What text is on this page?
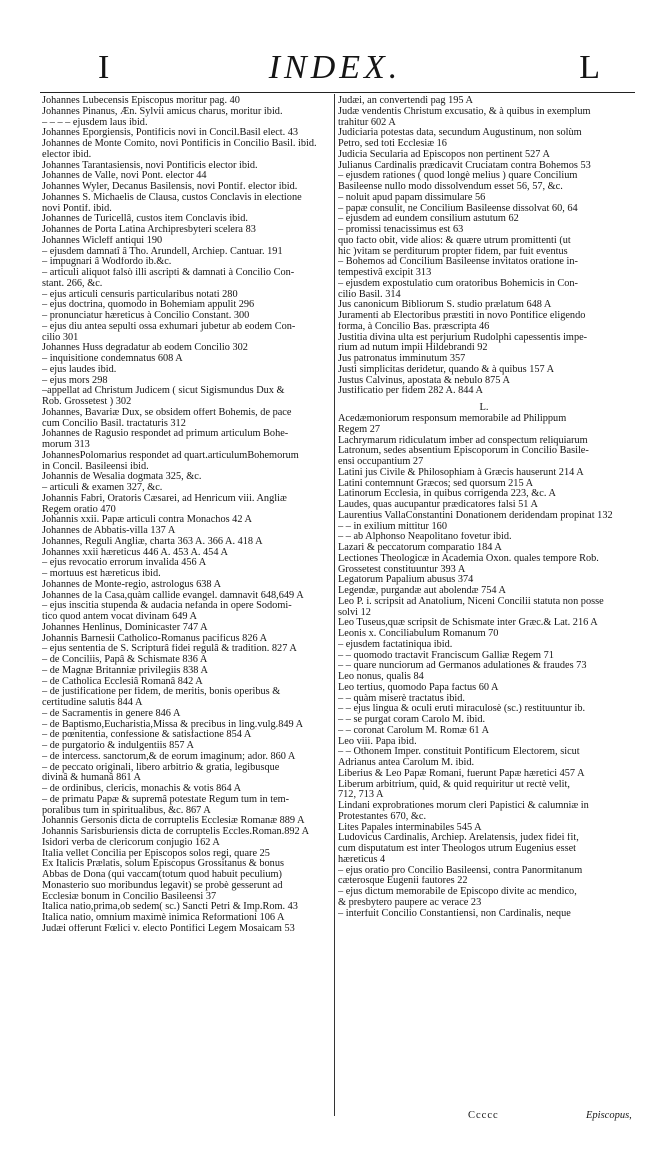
I	INDEX.	L
Johannes Lubecensis Episcopus moritur pag. 40
Johannes Pinanus, Æn. Sylvii amicus charus, moritur ibid.
– – – – ejusdem laus ibid.
Johannes Eporgiensis, Pontificis novi in Concil.Basil elect. 43
Johannes de Monte Comito, novi Pontificis in Concilio Basil. ibid.
elector ibid.
Johannes Tarantasiensis, novi Pontificis elector ibid.
Johannes de Valle, novi Pont. elector 44
Johannes Wyler, Decanus Basilensis, novi Pontif. elector ibid.
Johannes S. Michaelis de Clausa, custos Conclavis in electione
novi Pontif. ibid.
Johannes de Turicellâ, custos item Conclavis ibid.
Johannes de Porta Latina Archipresbyteri scelera 83
Johannes Wicleff antiqui 190
– ejusdem damnatî â Tho. Arundell, Archiep. Cantuar. 191
– impugnari â Wodfordo ib.&c.
– articuli aliquot falsò illi ascripti & damnati à Concilio Con-
stant. 266, &c.
– ejus articuli censuris particularibus notati 280
– ejus doctrina, quomodo in Bohemiam appulit 296
– pronunciatur hæreticus à Concilio Constant. 300
– ejus diu antea sepulti ossa exhumari jubetur ab eodem Con-
cilio 301
Johannes Huss degradatur ab eodem Concilio 302
– inquisitione condemnatus 608 A
– ejus laudes ibid.
– ejus mors 298
–appellat ad Christum Judicem ( sicut Sigismundus Dux &
Rob. Grossetest ) 302
Johannes, Bavariæ Dux, se obsidem offert Bohemis, de pace
cum Concilio Basil. tractaturis 312
Johannes de Ragusio respondet ad primum articulum Bohe-
morum 313
JohannesPolomarius respondet ad quart.articulumBohemorum
in Concil. Basileensi ibid.
Johannis de Wesalia dogmata 325, &c.
– articuli & examen 327, &c.
Johannis Fabri, Oratoris Cæsarei, ad Henricum viii. Angliæ
Regem oratio 470
Johannis xxii. Papæ articuli contra Monachos 42 A
Johannes de Abbatis-villa 137 A
Johannes, Reguli Angliæ, charta 363 A. 366 A. 418 A
Johannes xxii hæreticus 446 A. 453 A. 454 A
– ejus revocatio errorum invalida 456 A
– mortuus est hæreticus ibid.
Johannes de Monte-regio, astrologus 638 A
Johannes de la Casa,quàm callide evangel. damnavit 648,649 A
– ejus inscitia stupenda & audacia nefanda in opere Sodomi-
tico quod antem vocat divinam 649 A
Johannes Henlinus, Dominicaster 747 A
Johannis Barnesii Catholico-Romanus pacificus 826 A
– ejus sententia de S. Scripturâ fidei regulâ & tradition. 827 A
– de Conciliis, Papâ & Schismate 836 A
– de Magnæ Britanniæ privilegiis 838 A
– de Catholica Ecclesiâ Romanâ 842 A
– de justificatione per fidem, de meritis, bonis operibus &
certitudine salutis 844 A
– de Sacramentis in genere 846 A
– de Baptismo,Eucharistia,Missa & precibus in ling.vulg.849 A
– de pœnitentia, confessione & satisfactione 854 A
– de purgatorio & indulgentiis 857 A
– de intercess. sanctorum,& de eorum imaginum; ador. 860 A
– de peccato originali, libero arbitrio & gratia, legibusque
divinâ & humanâ 861 A
– de ordinibus, clericis, monachis & votis 864 A
– de primatu Papæ & supremâ potestate Regum tum in tem-
poralibus tum in spiritualibus, &c. 867 A
Johannis Gersonis dicta de corruptelis Ecclesiæ Romanæ 889 A
Johannis Sarisburiensis dicta de corruptelis Eccles.Roman.892 A
Isidori verba de clericorum conjugio 162 A
Italia vellet Concilia per Episcopos solos regi, quare 25
Ex Italicis Prælatis, solum Episcopus Grossitanus & bonus
Abbas de Dona (qui vaccam(totum quod habuit peculium)
Monasterio suo moribundus legavit) se probè gesserunt ad
Ecclesiæ bonum in Concilio Basileensi 37
Italica natio,prima,ob sedem( sc.) Sancti Petri & Imp.Rom. 43
Italica natio, omnium maximè inimica Reformationi 106 A
Judæi offerunt Fœlici v. electo Pontifici Legem Mosaicam 53
Judæi, an convertendi pag 195 A
Judæ vendentis Christum excusatio, & à quibus in exemplum
trahitur 602 A
Judiciaria potestas data, secundum Augustinum, non solùm
Petro, sed toti Ecclesiæ 16
Judicia Secularia ad Episcopos non pertinent 527 A
Julianus Cardinalis prædicavit Cruciatam contra Bohemos 53
– ejusdem rationes ( quod longè melius ) quare Concilium
Basileense nullo modo dissolvendum esset 56, 57, &c.
– noluit apud papam dissimulare 56
– papæ consulit, ne Concilium Basileense dissolvat 60, 64
– ejusdem ad eundem consilium astutum 62
– promissi tenacissimus est 63
quo facto obit, vide alios: & quære utrum promittenti (ut
hic )vitam se perditurum propter fidem, par fuit eventus
– Bohemos ad Concilium Basileense invitatos oratione in-
tempestivâ excipit 313
– ejusdem expostulatio cum oratoribus Bohemicis in Con-
cilio Basil. 314
Jus canonicum Bibliorum S. studio prælatum 648 A
Juramenti ab Electoribus præstiti in novo Pontifice eligendo
forma, à Concilio Bas. præscripta 46
Justitia divina ulta est perjurium Rudolphi capessentis impe-
rium ad nutum impii Hildebrandi 92
Jus patronatus imminutum 357
Justi simplicitas deridetur, quando & à quibus 157 A
Justus Calvinus, apostata & nebulo 875 A
Justificatio per fidem 282 A. 844 A
L.
Acedæmoniorum responsum memorabile ad Philippum
Regem 27
Lachrymarum ridiculatum imber ad conspectum reliquiarum
Latronum, sedes absentium Episcoporum in Concilio Basile-
ensi occupantium 27
Latini jus Civile & Philosophiam à Græcis hauserunt 214 A
Latini contemnunt Græcos; sed quorsum 215 A
Latinorum Ecclesia, in quibus corrigenda 223, &c. A
Laudes, quas aucupantur prædicatores falsi 51 A
Laurentius VallaConstantini Donationem deridendam propinat 132
– – in exilium mittitur 160
– – ab Alphonso Neapolitano fovetur ibid.
Lazari & peccatorum comparatio 184 A
Lectiones Theologicæ in Academia Oxon. quales tempore Rob.
Grossetest constituuntur 393 A
Legatorum Papalium abusus 374
Legendæ, purgandæ aut abolendæ 754 A
Leo P. i. scripsit ad Anatolium, Niceni Concilii statuta non posse
solvi 12
Leo Tuseus,quæ scripsit de Schismate inter Græc.& Lat. 216 A
Leonis x. Conciliabulum Romanum 70
– ejusdem factatiniqua ibid.
– – quomodo tractavit Franciscum Galliæ Regem 71
– – quare nunciorum ad Germanos adulationes & fraudes 73
Leo nonus, qualis 84
Leo tertius, quomodo Papa factus 60 A
– – quàm miserè tractatus ibid.
– – ejus lingua & oculi eruti miraculosè (sc.) restituuntur ib.
– – se purgat coram Carolo M. ibid.
– – coronat Carolum M. Romæ 61 A
Leo viii. Papa ibid.
– – Othonem Imper. constituit Pontificum Electorem, sicut
Adrianus antea Carolum M. ibid.
Liberius & Leo Papæ Romani, fuerunt Papæ hæretici 457 A
Liberum arbitrium, quid, & quid requiritur ut rectè velit,
712, 713 A
Lindani exprobrationes morum cleri Papistici & calumniæ in
Protestantes 670, &c.
Lites Papales interminabiles 545 A
Ludovicus Cardinalis, Archiep. Arelatensis, judex fidei fit,
cum disputatum est inter Theologos utrum Eugenius esset
hæreticus 4
– ejus oratio pro Concilio Basileensi, contra Panormitanum
cæterosque Eugenii fautores 22
– ejus dictum memorabile de Episcopo divite ac mendico,
& presbytero paupere ac verace 23
– interfuit Concilio Constantiensi, non Cardinalis, neque
Ccccc	Episcopus,
